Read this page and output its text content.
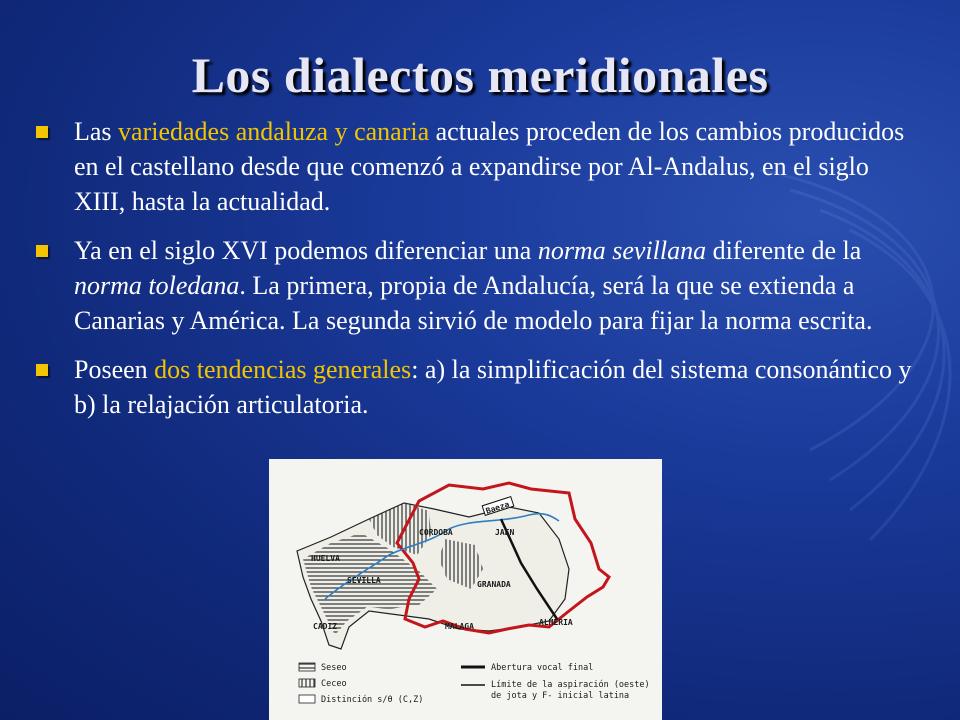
Los dialectos meridionales
Las variedades andaluza y canaria actuales proceden de los cambios producidos en el castellano desde que comenzó a expandirse por Al-Andalus, en el siglo XIII, hasta la actualidad.
Ya en el siglo XVI podemos diferenciar una norma sevillana diferente de la norma toledana. La primera, propia de Andalucía, será la que se extienda a Canarias y América. La segunda sirvió de modelo para fijar la norma escrita.
Poseen dos tendencias generales: a) la simplificación del sistema consonántico y b) la relajación articulatoria.
Baeza
HUELVA
SEVILLA
CORDOBA	JAEN
GRANADA
CADIZ	MALAGA	ALMERIA
Seseo
Ceceo
Distinción s/θ (C,Z)
Abertura vocal final
Límite de la aspiración (oeste)
de jota y F- inicial latina
